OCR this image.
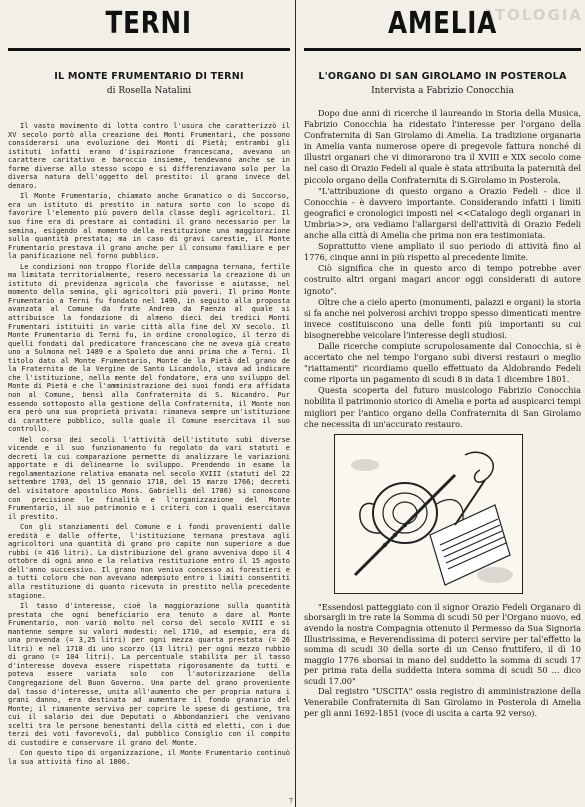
TERNI
IL MONTE FRUMENTARIO DI TERNI
di Rosella Natalini

Il vasto movimento di lotta contro l'usura che caratterizzò il XV secolo portò alla creazione dei Monti Frumentari, che possono considerarsi una evoluzione dei Monti di Pietà; entrambi gli istituti infatti erano d'ispirazione francescana, avevano un carattere caritativo e baroccio insieme, tendevano anche se in forme diverse allo stesso scopo e si differenziavano solo per la diversa natura dell'oggetto del prestito: il grano invece del denaro.

Il Monte Frumentario, chiamato anche Granatico o di Soccorso, era un istituto di prestito in natura sorto con lo scopo di favorire l'elemento più povero della classe degli agricoltori. Il suo fine era di prestare ai contadini il grano necessario per la semina, esigendo al momento della restituzione una maggiorazione sulla quantità prestata; ma in caso di gravi carestie, il Monte Frumentario prestava il grano anche per il consumo familiare e per la panificazione nel forno pubblico.

Le condizioni non troppo floride della campagna ternana, fertile ma limitata territorialmente, resero necessaria la creazione di un istituto di previdenza agricola che favorisse e aiutasse, nel momento della semina, gli agricoltori più poveri. Il primo Monte Frumentario a Terni fu fondato nel 1490, in seguito alla proposta avanzata al Comune da frate Andrea da Faenza al quale si attribuisce la fondazione di almeno dieci dei tredici Monti Frumentari istituiti in varie città alla fine del XV secolo. Il Monte Frumentario di Terni fu, in ordine cronologico, il terzo di quelli fondati dal predicatore francescano che ne aveva già creato uno a Sulmona nel 1489 e a Spoleto due anni prima che a Terni. Il titolo dato al Monte Frumentario, Monte de la Pietà del grano de la Fraternita de la Vergine de Santo Licandolo, stava ad indicare che l'istituzione, nella mente del fondatore, era uno sviluppo del Monte di Pietà e che l'amministrazione dei suoi fondi era affidata non al Comune, bensì alla Confraternita di S. Nicandro. Pur essendo sottoposto alla gestione della Confraternita, il Monte non era però una sua proprietà privata: rimaneva sempre un'istituzione di carattere pubblico, sulla quale il Comune esercitava il suo controllo.

Nel corso dei secoli l'attività dell'istituto subì diverse vicende e il suo funzionamento fu regolato da vari statuti e decreti la cui comparazione permette di analizzare le variazioni apportate e di delinearne lo sviluppo. Prendendo in esame la regolamentazione relativa emanata nel secolo XVIII (statuti del 22 settembre 1703, del 15 gennaio 1718, del 15 marzo 1766; decreti del visitatore apostolico Mons. Gabrielli del 1786) si conoscono con precisione le finalità e l'organizzazione del Monte Frumentario, il suo patrimonio e i criteri con i quali esercitava il prestito.

Con gli stanziamenti del Comune e i fondi provenienti dalle eredità e dalle offerte, l'istituzione ternana prestava agli agricoltori una quantità di grano pro capite non superiore a due rubbi (= 416 litri). La distribuzione del grano avveniva dopo il 4 ottobre di ogni anno e la relativa restituzione entro il 15 agosto dell'anno successivo. Il grano non veniva concesso ai forestieri e a tutti coloro che non avevano adempiuto entro i limiti consentiti alla restituzione di quanto ricevuto in prestito nella precedente stagione.

Il tasso d'interesse, cioè la maggiorazione sulla quantità prestata che ogni beneficiario era tenuto a dare al Monte Frumentario, non variò molto nel corso del secolo XVIII e si mantenne sempre su valori modesti: nel 1710, ad esempio, era di una provenda (= 3,25 litri) per ogni mezza quarta prestata (= 26 litri) e nel 1718 di uno scorzo (13 litri) per ogni mezzo rubbio di grano (= 104 litri). La percentuale stabilita per il tasso d'interesse doveva essere rispettata rigorosamente da tutti e poteva essere variata solo con l'autorizzazione della Congregazione del Buon Governo. Una parte del grano proveniente dal tasso d'interesse, unita all'aumento che per propria natura i grani danno, era destinata ad aumentare il fondo granario del Monte; il rimanente serviva per coprire le spese di gestione, tra cui il salario dei due Deputati o Abbondanzieri che venivano scelti tra le persone benestanti della città ed eletti, con i due terzi dei voti favorevoli, dal pubblico Consiglio con il compito di custodire e conservare il grano del Monte.

Con questo tipo di organizzazione, il Monte Frumentario continuò la sua attività fino al 1806.

ATOLOGIA
AMELIA
L'ORGANO DI SAN GIROLAMO IN POSTEROLA
Intervista a Fabrizio Conocchia

Dopo due anni di ricerche il laureando in Storia della Musica, Fabrizio Conocchia ha ridestato l'interesse per l'organo della Confraternita di San Girolamo di Amelia. La tradizione organaria in Amelia vanta numerose opere di pregevole fattura nonché di illustri organari che vi dimorarono tra il XVIII e XIX secolo come nel caso di Orazio Fedeli al quale è stata attribuita la paternità del piccolo organo della Confraternita di S.Girolamo in Posterola.

"L'attribuzione di questo organo a Orazio Fedeli - dice il Conocchia - è davvero importante. Considerando infatti i limiti geografici e cronologici imposti nel <<Catalogo degli organari in Umbria>>, ora vediamo l'allargarsi dell'attività di Orazio Fedeli anche alla città di Amelia che prima non era testimoniata.

Soprattutto viene ampliato il suo periodo di attività fino al 1776, cinque anni in più rispetto al precedente limite.

Ciò significa che in questo arco di tempo potrebbe aver costruito altri organi magari ancor oggi considerati di autore ignoto".

Oltre che a cielo aperto (monumenti, palazzi e organi) la storia si fa anche nei polverosi archivi troppo spesso dimenticati mentre invece costituiscono una delle fonti più importanti su cui bisognerebbe veicolare l'interesse degli studiosi.

Dalle ricerche compiute scrupolosamente dal Conocchia, si è accertato che nel tempo l'organo subì diversi restauri o meglio "riattamenti" ricordiamo quello effettuato da Aldobrando Fedeli come riporta un pagamento di scudi 8 in data 1 dicembre 1801.

Questa scoperta del futuro musicologo Fabrizio Conocchia nobilita il patrimonio storico di Amelia e porta ad auspicarci tempi migliori per l'antico organo della Confraternita di San Girolamo che necessita di un'accurato restauro.

"Essendosi patteggiato con il signor Orazio Fedeli Organaro di sborsargli in tre rate la Somma di scudi 50 per l'Organo nuovo, ed avendo la nostra Compagnia ottenuto il Permesso da Sua Signoria Illustrissima, e Reverendissima di poterci servire per tal'effetto la somma di scudi 30 della sorte di un Censo fruttifero, il dì 10 maggio 1776 sborsai in mano del suddetto la somma di scudi 17 per prima rata della suddetta intera somma di scudi 50 ... dico scudi 17.00"

Dal registro "USCITA" ossia registro di amministrazione della Venerabile Confraternita di San Girolamo in Posterola di Amelia per gli anni 1692-1851 (voce di uscita a carta 92 verso).

7
